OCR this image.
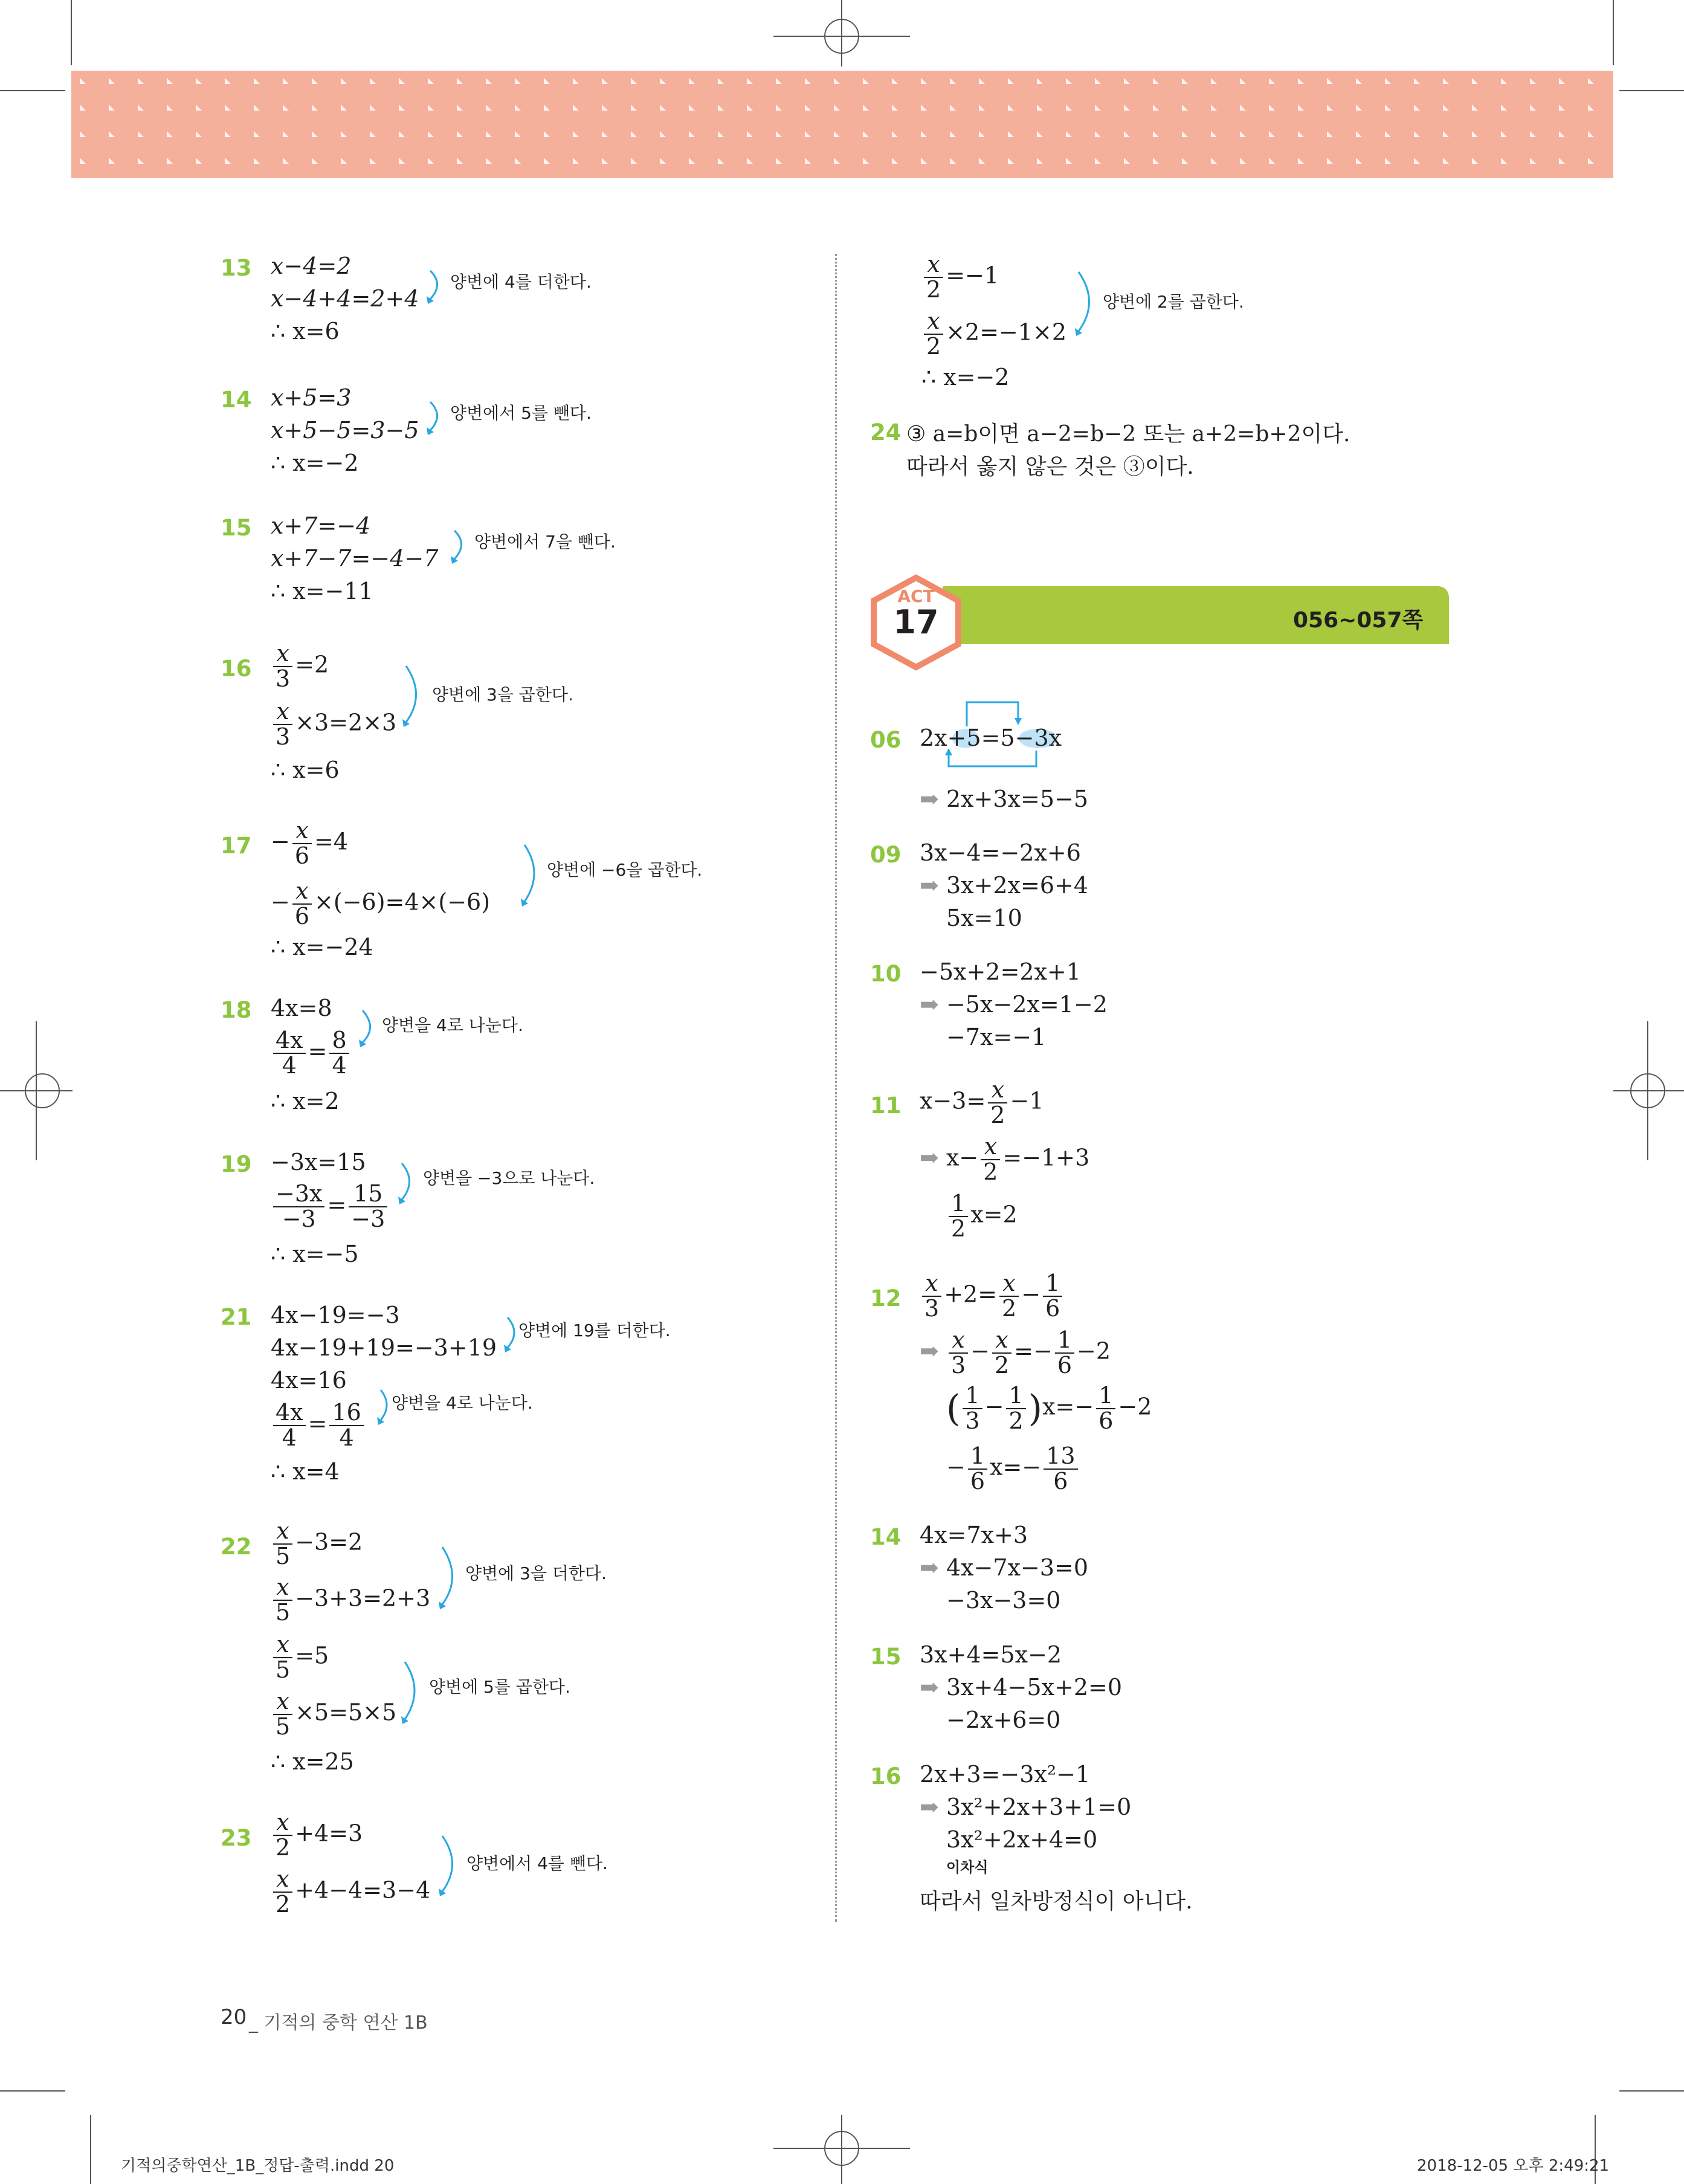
13 x−4=2
x−4+4=2+4
∴ x=6
양변에 4를 더한다.
14 x+5=3
x+5−5=3−5
∴ x=−2
양변에서 5를 뺀다.
15 x+7=−4
x+7−7=−4−7
∴ x=−11
양변에서 7을 뺀다.
$16 \frac{x}{3} =2$
$\frac{x}{3} \times 3=2\times 3$
∴ x=6
양변에 3을 곱한다.
$17 - \frac{x}{6} =4$
− $\frac{x}{6} \times(-6)=4\times(-6)$
∴ x=−24
양변에 −6을 곱한다.
18 4x=8
$\frac{4x}{4} = \frac{8}{4}$
∴ x=2
양변을 4로 나눈다.
19 −3x=15
$\frac{-3x}{-3} = \frac{15}{-3}$
∴ x=−5
양변을 −3으로 나눈다.
21 4x−19=−3
4x−19+19=−3+19
4x=16
$\frac{4x}{4} = \frac{16}{4}$
∴ x=4
양변에 19를 더한다.
양변을 4로 나눈다.
$22 \frac{x}{5} -3=2$
$\frac{x}{5} -3+3=2+3$
$\frac{x}{5} =5$
$\frac{x}{5} \times 5=5\times 5$
∴ x=25
양변에 3을 더한다.
양변에 5를 곱한다.
$23 \frac{x}{2} +4=3$
$\frac{x}{2} +4-4=3-4$
양변에서 4를 뺀다.
$\frac{x}{2} =-1$
$\frac{x}{2} \times 2=-1\times 2$
∴ x=−2
양변에 2를 곱한다.
24 ③ a=b이면 a−2=b−2 또는 a+2=b+2이다.
따라서 옳지 않은 것은 ③이다.
ACT
17	056~057쪽
06 2x+5=5−3x
➡ 2x+3x=5−5
09 3x−4=−2x+6
➡ 3x+2x=6+4
5x=10
10 −5x+2=2x+1
➡ −5x−2x=1−2
−7x=−1
11 $x-3= \frac{x}{2} -1$
➡ $x- \frac{x}{2} =-1+3$
$\frac{1}{2} x=2$
$12 \frac{x}{3} +2= \frac{x}{2} - \frac{1}{6}$
➡ $\frac{x}{3} - \frac{x}{2} =- \frac{1}{6} -2$
( $\frac{1}{3} - \frac{1}{2} )x=- \frac{1}{6} -2$
− $\frac{1}{6} x=- \frac{13}{6}$
14 4x=7x+3
➡ 4x−7x−3=0
−3x−3=0
15 3x+4=5x−2
➡ 3x+4−5x+2=0
−2x+6=0
16 2x+3=−3x²−1
➡ 3x²+2x+3+1=0
3x²+2x+4=0
이차식
따라서 일차방정식이 아니다.
20 _ 기적의 중학 연산 1B
기적의중학연산_1B_정답-출력.indd 20	2018-12-05 오후 2:49:21
